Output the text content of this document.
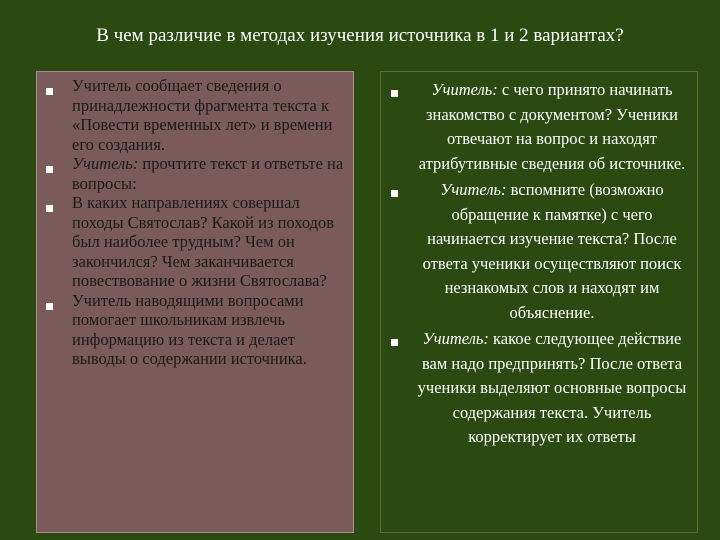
В чем различие в методах изучения источника в 1 и 2 вариантах?
Учитель сообщает сведения о принадлежности фрагмента текста к «Повести временных лет» и времени его создания.
Учитель: прочтите текст и ответьте на вопросы:
В каких направлениях совершал походы Святослав? Какой из походов был наиболее трудным? Чем он закончился? Чем заканчивается повествование о жизни Святослава?
Учитель наводящими вопросами помогает школьникам извлечь информацию из текста и делает выводы о содержании источника.
Учитель: с чего принято начинать знакомство с документом? Ученики отвечают на вопрос и находят атрибутивные сведения об источнике.
Учитель: вспомните (возможно обращение к памятке) с чего начинается изучение текста? После ответа ученики осуществляют поиск незнакомых слов и находят им объяснение.
Учитель: какое следующее действие вам надо предпринять? После ответа ученики выделяют основные вопросы содержания текста. Учитель корректирует их ответы
